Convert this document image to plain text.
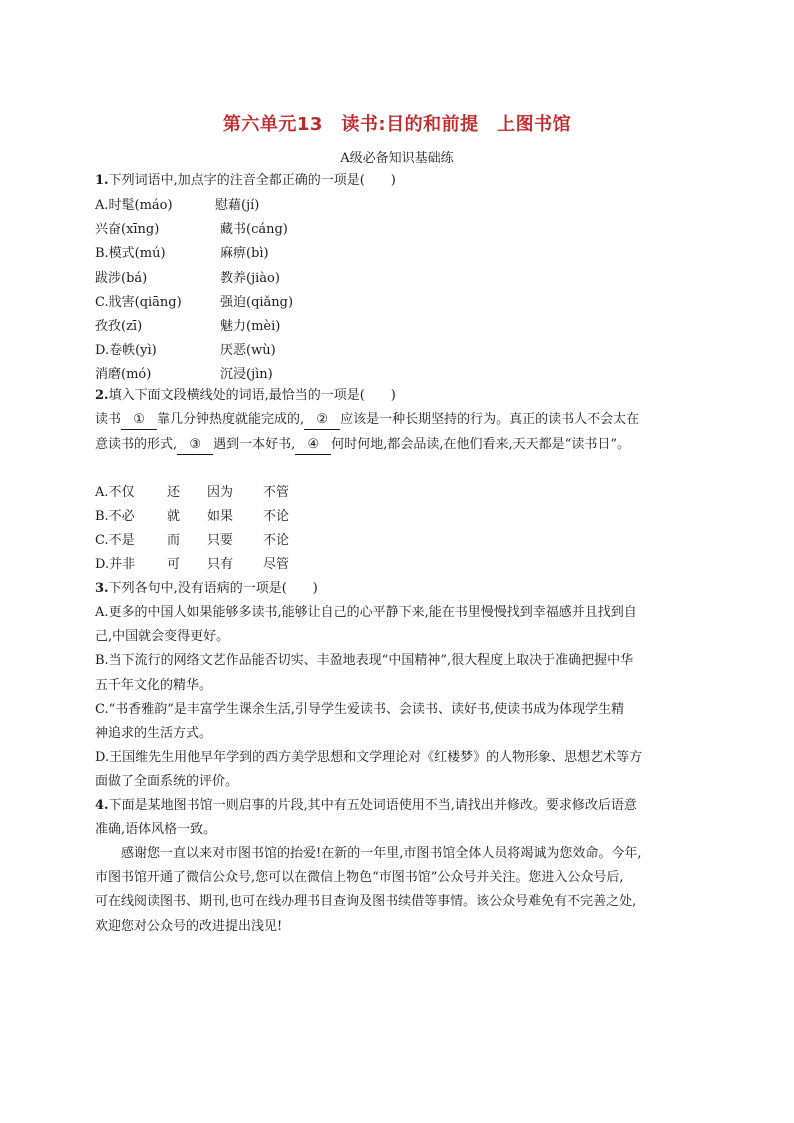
第六单元13　读书:目的和前提　上图书馆
A级必备知识基础练
1.下列词语中,加点字的注音全都正确的一项是(　　)
A.时髦(máo)	慰藉(jí)
兴奋(xīng)	藏书(cáng)
B.模式(mú)	麻痹(bì)
跋涉(bá)	教养(jiào)
C.戕害(qiāng)	强迫(qiǎng)
孜孜(zī)	魅力(mèi)
D.卷帙(yì)	厌恶(wù)
消磨(mó)	沉浸(jìn)
2.填入下面文段横线处的词语,最恰当的一项是(　　)
读书 ① 靠几分钟热度就能完成的, ② 应该是一种长期坚持的行为。真正的读书人不会太在
意读书的形式, ③ 遇到一本好书, ④ 何时何地,都会品读,在他们看来,天天都是“读书日”。
A.不仅 还 因为 不管
B.不必 就 如果 不论
C.不是 而 只要 不论
D.并非 可 只有 尽管
3.下列各句中,没有语病的一项是(　　)
A.更多的中国人如果能够多读书,能够让自己的心平静下来,能在书里慢慢找到幸福感并且找到自
己,中国就会变得更好。
B.当下流行的网络文艺作品能否切实、丰盈地表现“中国精神”,很大程度上取决于准确把握中华
五千年文化的精华。
C.“书香雅韵”是丰富学生课余生活,引导学生爱读书、会读书、读好书,使读书成为体现学生精
神追求的生活方式。
D.王国维先生用他早年学到的西方美学思想和文学理论对《红楼梦》的人物形象、思想艺术等方
面做了全面系统的评价。
4.下面是某地图书馆一则启事的片段,其中有五处词语使用不当,请找出并修改。要求修改后语意
准确,语体风格一致。
　　感谢您一直以来对市图书馆的抬爱!在新的一年里,市图书馆全体人员将竭诚为您效命。今年,
市图书馆开通了微信公众号,您可以在微信上物色“市图书馆”公众号并关注。您进入公众号后,
可在线阅读图书、期刊,也可在线办理书目查询及图书续借等事情。该公众号难免有不完善之处,
欢迎您对公众号的改进提出浅见!
